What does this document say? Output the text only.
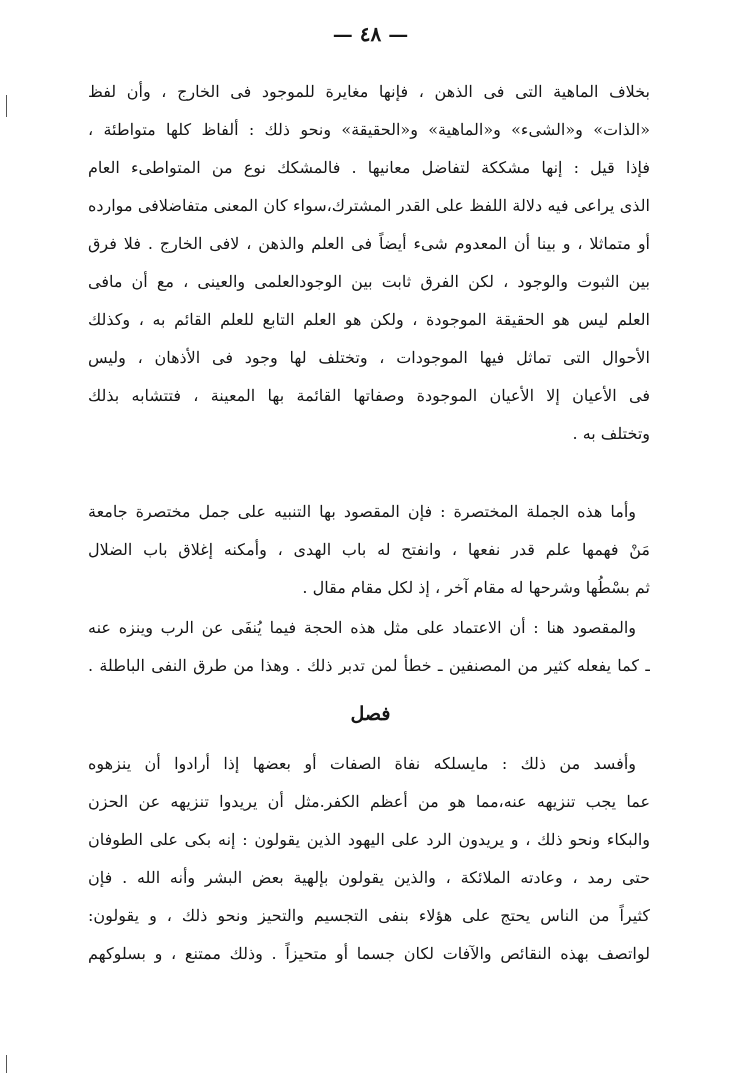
— ٤٨ —
بخلاف الماهية التى فى الذهن ، فإنها مغايرة للموجود فى الخارج ، وأن لفظ
«الذات» و«الشىء» و«الماهية» و«الحقيقة» ونحو ذلك : ألفاظ كلها متواطئة ،
فإذا قيل : إنها مشككة لتفاضل معانيها . فالمشكك نوع من المتواطىء العام
الذى يراعى فيه دلالة اللفظ على القدر المشترك،سواء كان المعنى متفاضلافى موارده
أو متماثلا ، و بينا أن المعدوم شىء أيضاً فى العلم والذهن ، لافى الخارج . فلا فرق
بين الثبوت والوجود ، لكن الفرق ثابت بين الوجودالعلمى والعينى ، مع أن مافى
العلم ليس هو الحقيقة الموجودة ، ولكن هو العلم التابع للعلم القائم به ، وكذلك
الأحوال التى تماثل فيها الموجودات ، وتختلف لها وجود فى الأذهان ، وليس
فى الأعيان إلا الأعيان الموجودة وصفاتها القائمة بها المعينة ، فتتشابه بذلك
وتختلف به .
وأما هذه الجملة المختصرة : فإن المقصود بها التنبيه على جمل مختصرة جامعة
مَنْ فهمها علم قدر نفعها ، وانفتح له باب الهدى ، وأمكنه إغلاق باب الضلال
ثم بسْطُها وشرحها له مقام آخر ، إذ لكل مقام مقال .
والمقصود هنا : أن الاعتماد على مثل هذه الحجة فيما يُنفَى عن الرب وينزه عنه
ـ كما يفعله كثير من المصنفين ـ خطأ لمن تدبر ذلك . وهذا من طرق النفى الباطلة .
فصل
وأفسد من ذلك : مايسلكه نفاة الصفات أو بعضها إذا أرادوا أن ينزهوه
عما يجب تنزيهه عنه،مما هو من أعظم الكفر.مثل أن يريدوا تنزيهه عن الحزن
والبكاء ونحو ذلك ، و يريدون الرد على اليهود الذين يقولون : إنه بكى على الطوفان
حتى رمد ، وعادته الملائكة ، والذين يقولون بإلهية بعض البشر وأنه الله . فإن
كثيراً من الناس يحتج على هؤلاء بنفى التجسيم والتحيز ونحو ذلك ، و يقولون:
لواتصف بهذه النقائص والآفات لكان جسما أو متحيزاً . وذلك ممتنع ، و بسلوكهم
